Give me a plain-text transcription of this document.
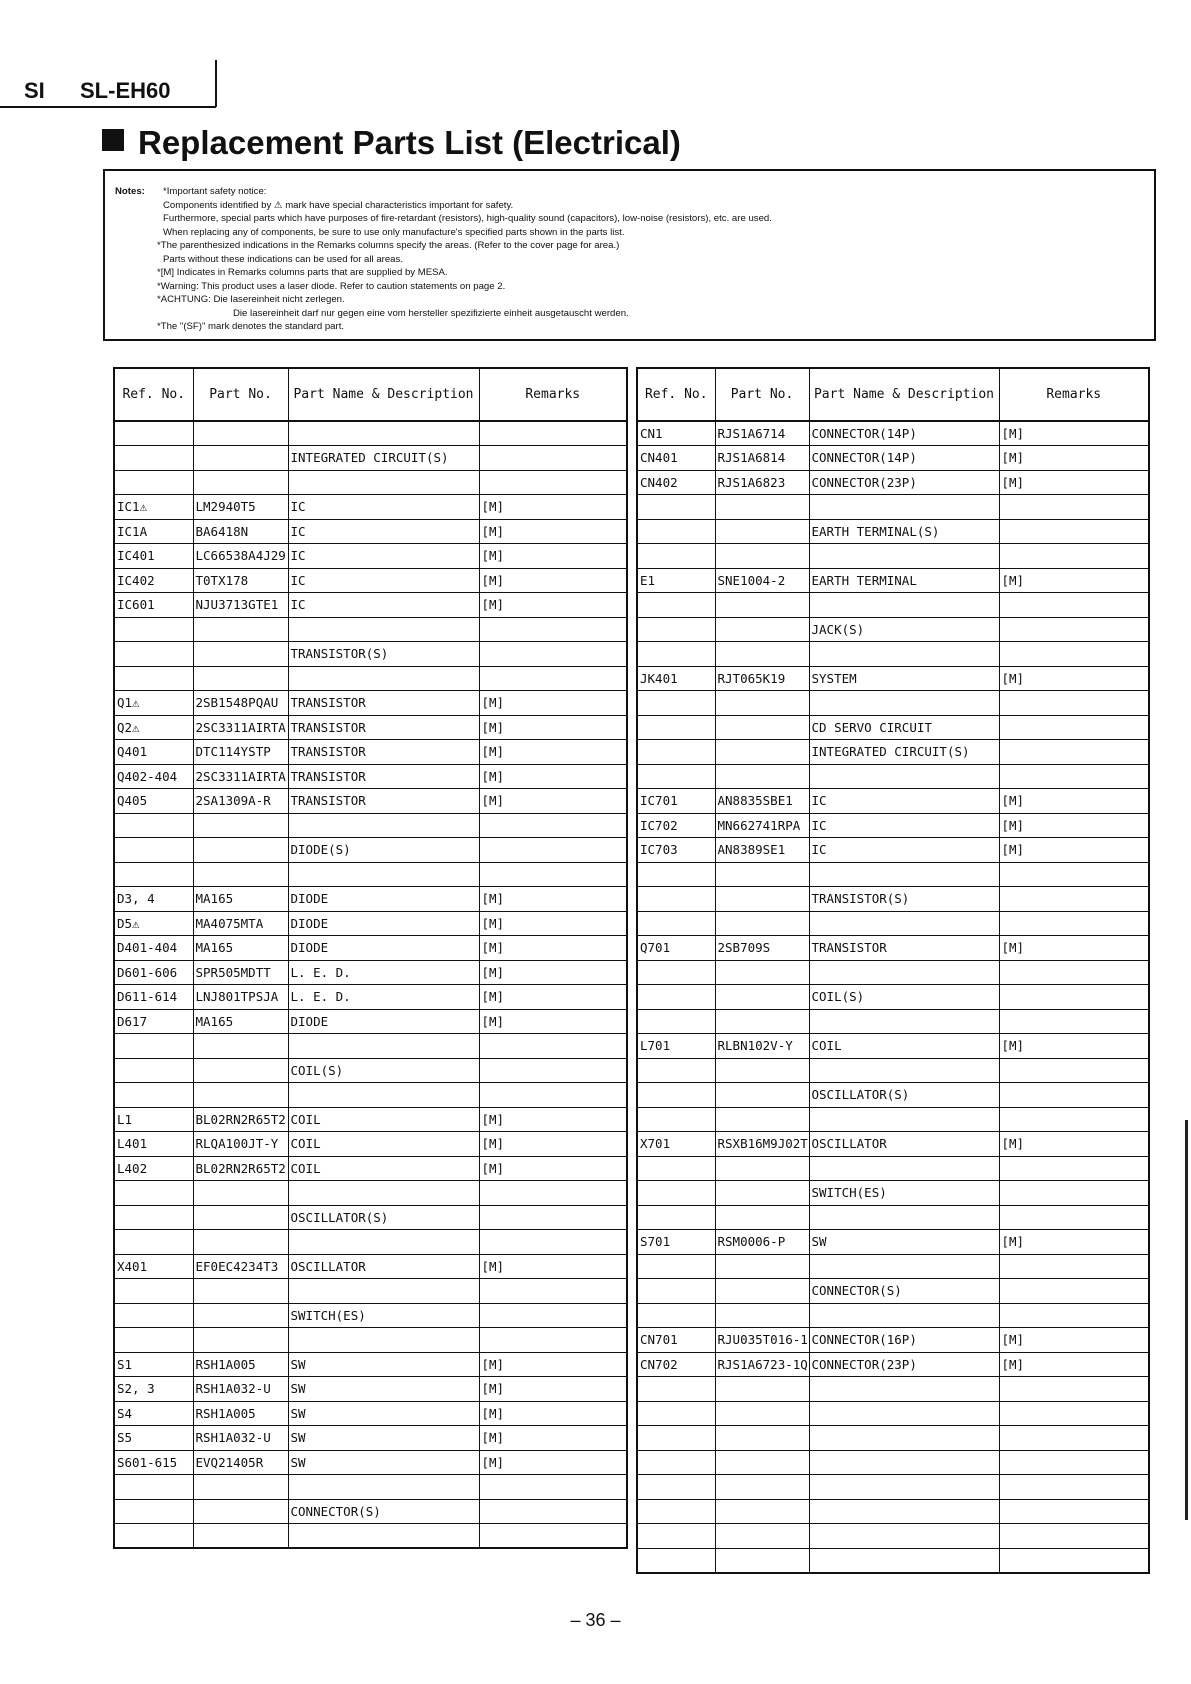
SI SL-EH60
Replacement Parts List (Electrical)
Notes: *Important safety notice:
Components identified by ⚠ mark have special characteristics important for safety.
Furthermore, special parts which have purposes of fire-retardant (resistors), high-quality sound (capacitors), low-noise (resistors), etc. are used.
When replacing any of components, be sure to use only manufacture's specified parts shown in the parts list.
*The parenthesized indications in the Remarks columns specify the areas. (Refer to the cover page for area.)
Parts without these indications can be used for all areas.
*[M] Indicates in Remarks columns parts that are supplied by MESA.
*Warning: This product uses a laser diode. Refer to caution statements on page 2.
*ACHTUNG: Die lasereinheit nicht zerlegen.
Die lasereinheit darf nur gegen eine vom hersteller spezifizierte einheit ausgetauscht werden.
*The "(SF)" mark denotes the standard part.
Ref. No.	Part No.	Part Name & Description	Remarks

		INTEGRATED CIRCUIT(S)	

IC1⚠	LM2940T5	IC	[M]
IC1A	BA6418N	IC	[M]
IC401	LC66538A4J29	IC	[M]
IC402	T0TX178	IC	[M]
IC601	NJU3713GTE1	IC	[M]

		TRANSISTOR(S)	

Q1⚠	2SB1548PQAU	TRANSISTOR	[M]
Q2⚠	2SC3311AIRTA	TRANSISTOR	[M]
Q401	DTC114YSTP	TRANSISTOR	[M]
Q402-404	2SC3311AIRTA	TRANSISTOR	[M]
Q405	2SA1309A-R	TRANSISTOR	[M]

		DIODE(S)	

D3, 4	MA165	DIODE	[M]
D5⚠	MA4075MTA	DIODE	[M]
D401-404	MA165	DIODE	[M]
D601-606	SPR505MDTT	L. E. D.	[M]
D611-614	LNJ801TPSJA	L. E. D.	[M]
D617	MA165	DIODE	[M]

		COIL(S)	

L1	BL02RN2R65T2	COIL	[M]
L401	RLQA100JT-Y	COIL	[M]
L402	BL02RN2R65T2	COIL	[M]

		OSCILLATOR(S)	

X401	EF0EC4234T3	OSCILLATOR	[M]

		SWITCH(ES)	

S1	RSH1A005	SW	[M]
S2, 3	RSH1A032-U	SW	[M]
S4	RSH1A005	SW	[M]
S5	RSH1A032-U	SW	[M]
S601-615	EVQ21405R	SW	[M]

		CONNECTOR(S)	

Ref. No.	Part No.	Part Name & Description	Remarks
CN1	RJS1A6714	CONNECTOR(14P)	[M]
CN401	RJS1A6814	CONNECTOR(14P)	[M]
CN402	RJS1A6823	CONNECTOR(23P)	[M]

		EARTH TERMINAL(S)	

E1	SNE1004-2	EARTH TERMINAL	[M]

		JACK(S)	

JK401	RJT065K19	SYSTEM	[M]

		CD SERVO CIRCUIT	
		INTEGRATED CIRCUIT(S)	

IC701	AN8835SBE1	IC	[M]
IC702	MN662741RPA	IC	[M]
IC703	AN8389SE1	IC	[M]

		TRANSISTOR(S)	

Q701	2SB709S	TRANSISTOR	[M]

		COIL(S)	

L701	RLBN102V-Y	COIL	[M]

		OSCILLATOR(S)	

X701	RSXB16M9J02T	OSCILLATOR	[M]

		SWITCH(ES)	

S701	RSM0006-P	SW	[M]

		CONNECTOR(S)	

CN701	RJU035T016-1	CONNECTOR(16P)	[M]
CN702	RJS1A6723-1Q	CONNECTOR(23P)	[M]

– 36 –
